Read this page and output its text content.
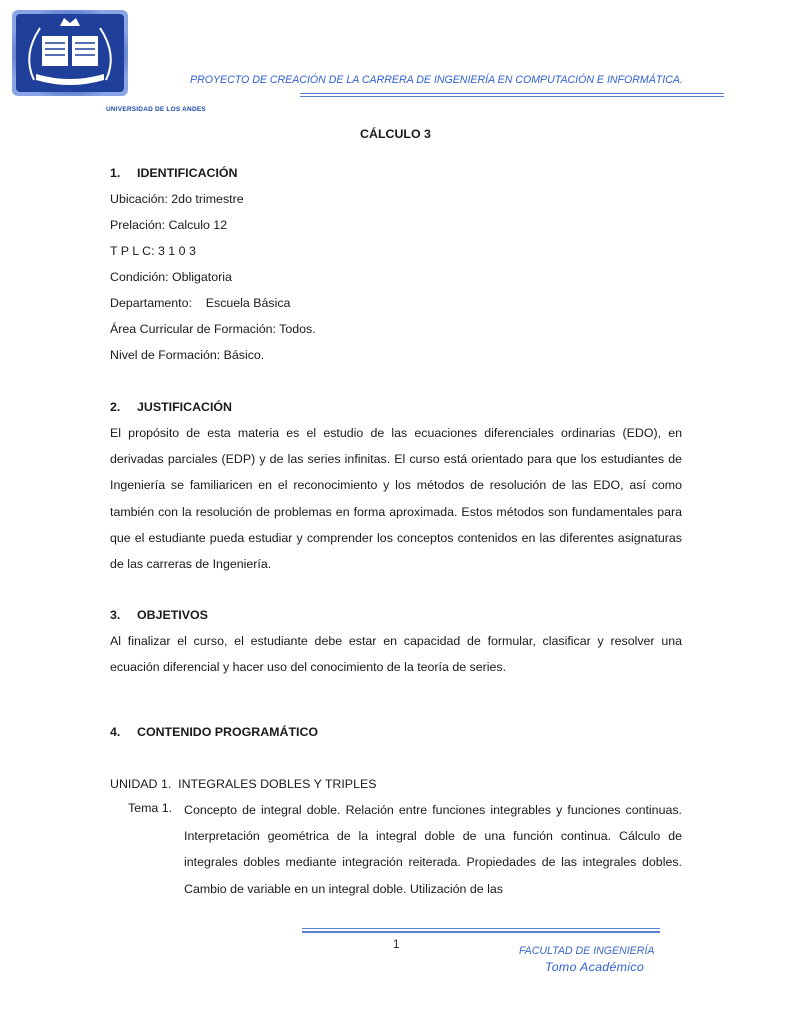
UNIVERSIDAD DE LOS ANDES
PROYECTO DE CREACIÓN DE LA CARRERA DE INGENIERÍA EN COMPUTACIÓN E INFORMÁTICA.
CÁLCULO 3
1. IDENTIFICACIÓN
Ubicación: 2do trimestre
Prelación: Calculo 12
T P L C: 3 1 0 3
Condición: Obligatoria
Departamento:    Escuela Básica
Área Curricular de Formación: Todos.
Nivel de Formación: Básico.
2. JUSTIFICACIÓN
El propósito de esta materia es el estudio de las ecuaciones diferenciales ordinarias (EDO), en derivadas parciales (EDP) y de las series infinitas. El curso está orientado para que los estudiantes de Ingeniería se familiaricen en el reconocimiento y los métodos de resolución de las EDO, así como también con la resolución de problemas en forma aproximada. Estos métodos son fundamentales para que el estudiante pueda estudiar y comprender los conceptos contenidos en las diferentes asignaturas de las carreras de Ingeniería.
3. OBJETIVOS
Al finalizar el curso, el estudiante debe estar en capacidad de formular, clasificar y resolver una ecuación diferencial y hacer uso del conocimiento de la teoría de series.
4. CONTENIDO PROGRAMÁTICO
UNIDAD 1.  INTEGRALES DOBLES Y TRIPLES
Tema 1. Concepto de integral doble. Relación entre funciones integrables y funciones continuas. Interpretación geométrica de la integral doble de una función continua. Cálculo de integrales dobles mediante integración reiterada. Propiedades de las integrales dobles. Cambio de variable en un integral doble. Utilización de las
1	FACULTAD DE INGENIERÍA
Tomo Académico
